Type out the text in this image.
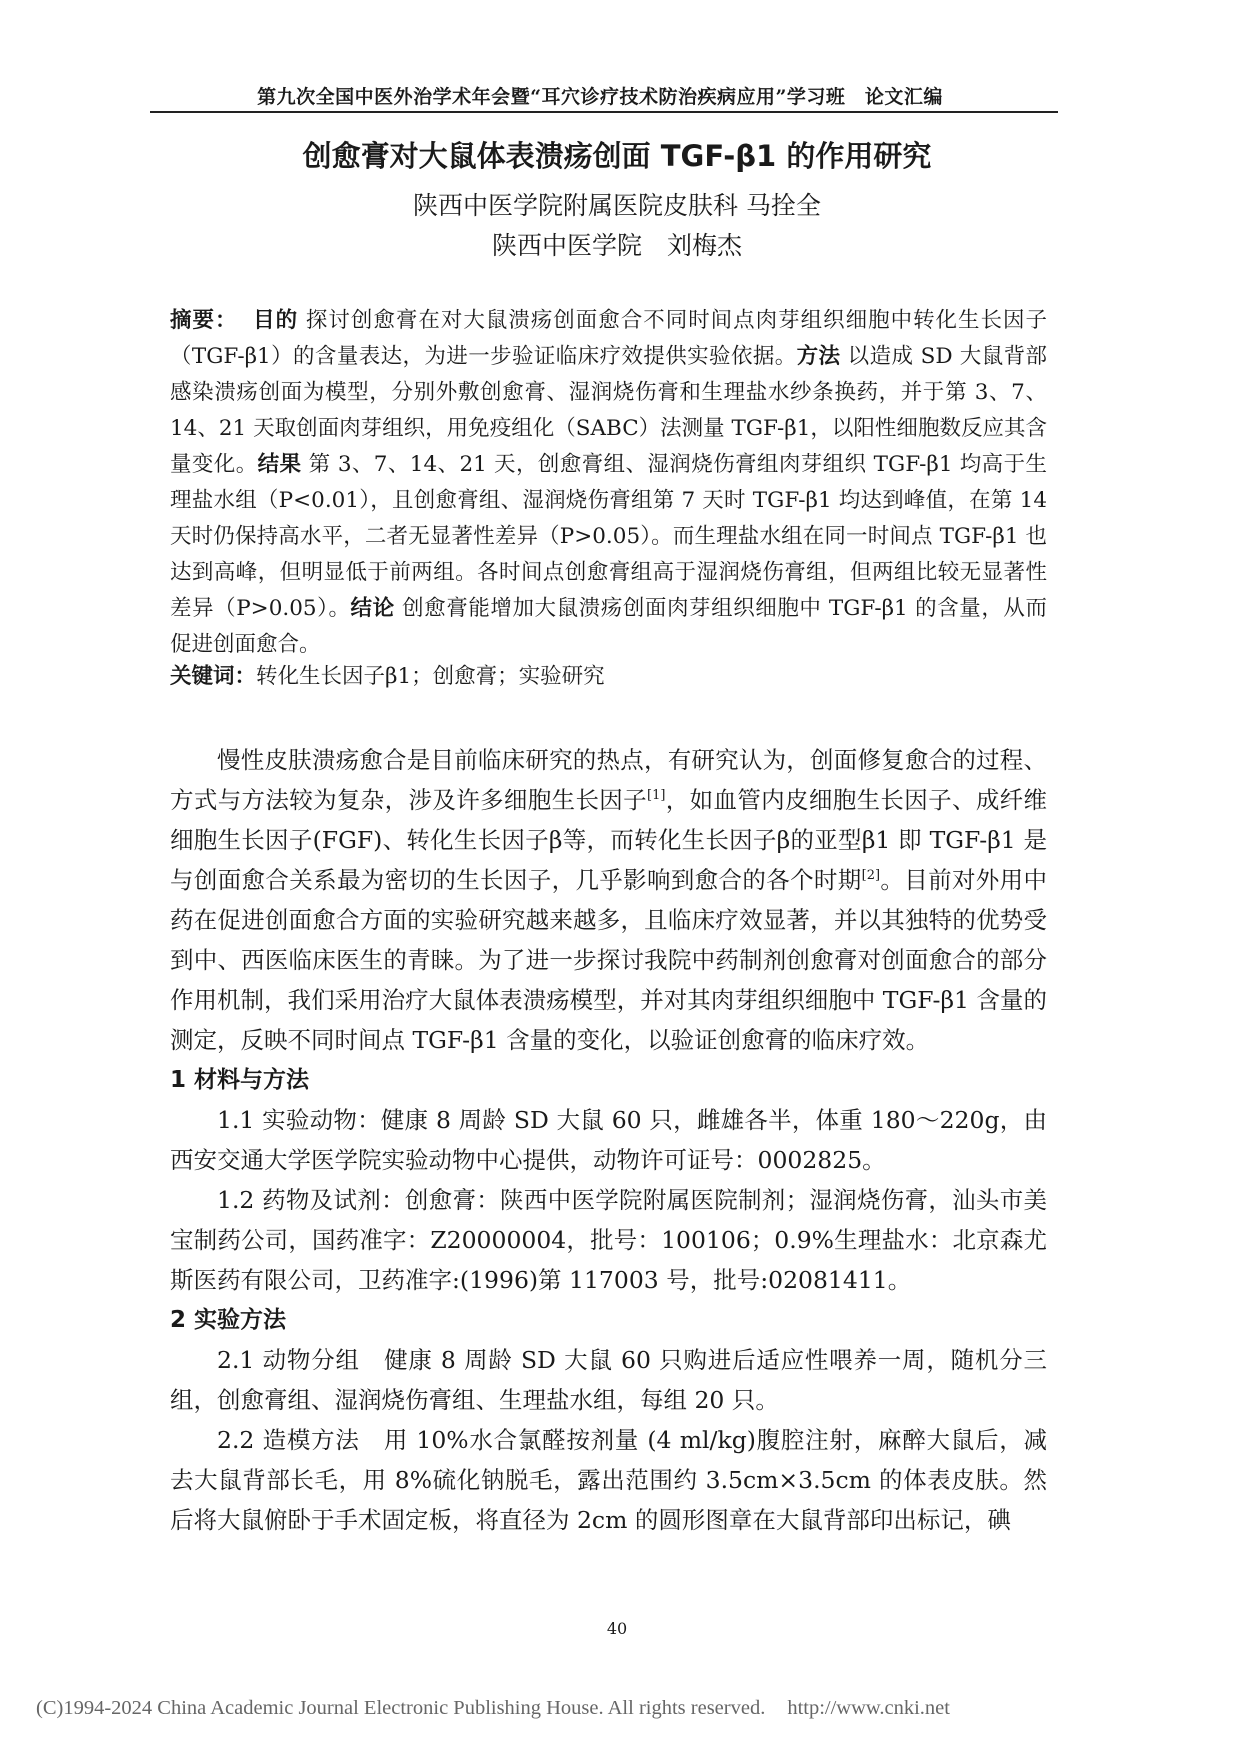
第九次全国中医外治学术年会暨“耳穴诊疗技术防治疾病应用”学习班　论文汇编
创愈膏对大鼠体表溃疡创面 TGF-β1 的作用研究
陕西中医学院附属医院皮肤科 马拴全
陕西中医学院　刘梅杰
摘要： 目的 探讨创愈膏在对大鼠溃疡创面愈合不同时间点肉芽组织细胞中转化生长因子（TGF-β1）的含量表达，为进一步验证临床疗效提供实验依据。方法 以造成 SD 大鼠背部感染溃疡创面为模型，分别外敷创愈膏、湿润烧伤膏和生理盐水纱条换药，并于第 3、7、14、21 天取创面肉芽组织，用免疫组化（SABC）法测量 TGF-β1，以阳性细胞数反应其含量变化。结果 第 3、7、14、21 天，创愈膏组、湿润烧伤膏组肉芽组织 TGF-β1 均高于生理盐水组（P<0.01），且创愈膏组、湿润烧伤膏组第 7 天时 TGF-β1 均达到峰值，在第 14 天时仍保持高水平，二者无显著性差异（P>0.05）。而生理盐水组在同一时间点 TGF-β1 也达到高峰，但明显低于前两组。各时间点创愈膏组高于湿润烧伤膏组，但两组比较无显著性差异（P>0.05）。结论 创愈膏能增加大鼠溃疡创面肉芽组织细胞中 TGF-β1 的含量，从而促进创面愈合。
关键词：转化生长因子β1；创愈膏；实验研究

慢性皮肤溃疡愈合是目前临床研究的热点，有研究认为，创面修复愈合的过程、方式与方法较为复杂，涉及许多细胞生长因子[1]，如血管内皮细胞生长因子、成纤维细胞生长因子(FGF)、转化生长因子β等，而转化生长因子β的亚型β1 即 TGF-β1 是与创面愈合关系最为密切的生长因子，几乎影响到愈合的各个时期[2]。目前对外用中药在促进创面愈合方面的实验研究越来越多，且临床疗效显著，并以其独特的优势受到中、西医临床医生的青睐。为了进一步探讨我院中药制剂创愈膏对创面愈合的部分作用机制，我们采用治疗大鼠体表溃疡模型，并对其肉芽组织细胞中 TGF-β1 含量的测定，反映不同时间点 TGF-β1 含量的变化，以验证创愈膏的临床疗效。

1 材料与方法

1.1 实验动物：健康 8 周龄 SD 大鼠 60 只，雌雄各半，体重 180～220g，由西安交通大学医学院实验动物中心提供，动物许可证号：0002825。

1.2 药物及试剂：创愈膏：陕西中医学院附属医院制剂；湿润烧伤膏，汕头市美宝制药公司，国药准字：Z20000004，批号：100106；0.9%生理盐水：北京森尤斯医药有限公司，卫药准字:(1996)第 117003 号，批号:02081411。

2 实验方法

2.1 动物分组　健康 8 周龄 SD 大鼠 60 只购进后适应性喂养一周，随机分三组，创愈膏组、湿润烧伤膏组、生理盐水组，每组 20 只。

2.2 造模方法　用 10%水合氯醛按剂量 (4 ml/kg)腹腔注射，麻醉大鼠后，减去大鼠背部长毛，用 8%硫化钠脱毛，露出范围约 3.5cm×3.5cm 的体表皮肤。然后将大鼠俯卧于手术固定板，将直径为 2cm 的圆形图章在大鼠背部印出标记，碘

40
(C)1994-2024 China Academic Journal Electronic Publishing House. All rights reserved. http://www.cnki.net
